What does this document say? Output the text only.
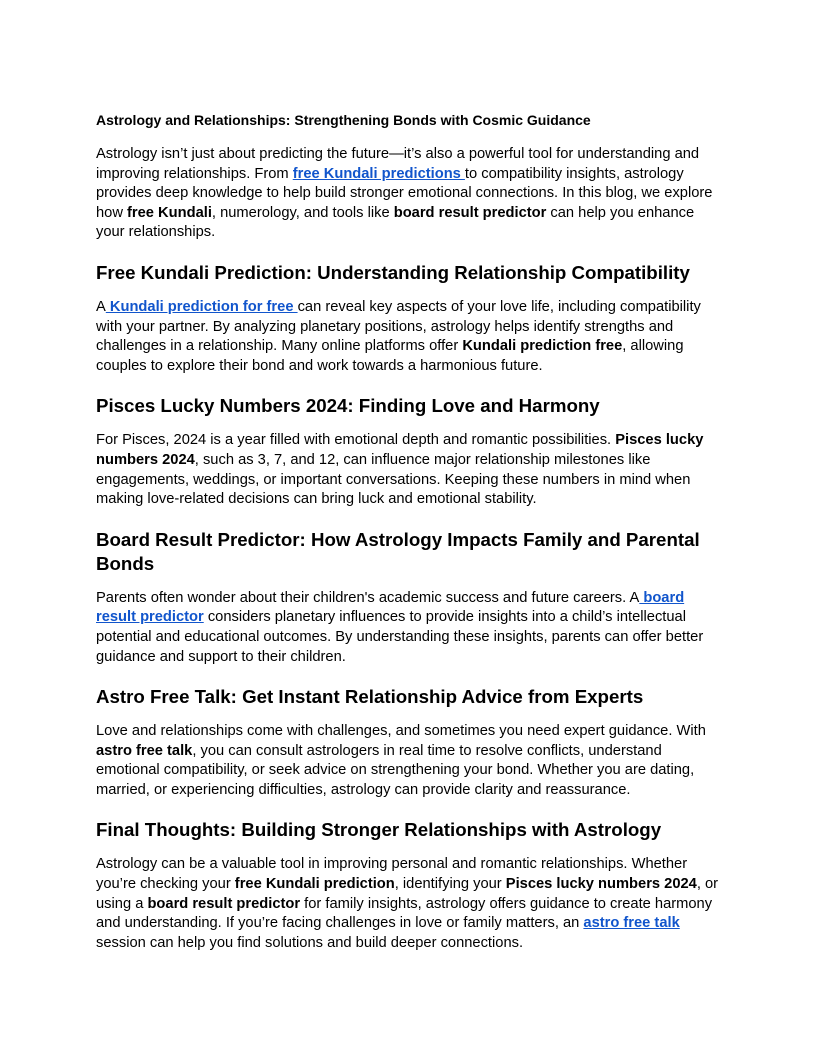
Astrology and Relationships: Strengthening Bonds with Cosmic Guidance

Astrology isn’t just about predicting the future—it’s also a powerful tool for understanding and improving relationships. From free Kundali predictions to compatibility insights, astrology provides deep knowledge to help build stronger emotional connections. In this blog, we explore how free Kundali, numerology, and tools like board result predictor can help you enhance your relationships.

Free Kundali Prediction: Understanding Relationship Compatibility

A Kundali prediction for free can reveal key aspects of your love life, including compatibility with your partner. By analyzing planetary positions, astrology helps identify strengths and challenges in a relationship. Many online platforms offer Kundali prediction free, allowing couples to explore their bond and work towards a harmonious future.

Pisces Lucky Numbers 2024: Finding Love and Harmony

For Pisces, 2024 is a year filled with emotional depth and romantic possibilities. Pisces lucky numbers 2024, such as 3, 7, and 12, can influence major relationship milestones like engagements, weddings, or important conversations. Keeping these numbers in mind when making love-related decisions can bring luck and emotional stability.

Board Result Predictor: How Astrology Impacts Family and Parental Bonds

Parents often wonder about their children's academic success and future careers. A board result predictor considers planetary influences to provide insights into a child’s intellectual potential and educational outcomes. By understanding these insights, parents can offer better guidance and support to their children.

Astro Free Talk: Get Instant Relationship Advice from Experts

Love and relationships come with challenges, and sometimes you need expert guidance. With astro free talk, you can consult astrologers in real time to resolve conflicts, understand emotional compatibility, or seek advice on strengthening your bond. Whether you are dating, married, or experiencing difficulties, astrology can provide clarity and reassurance.

Final Thoughts: Building Stronger Relationships with Astrology

Astrology can be a valuable tool in improving personal and romantic relationships. Whether you’re checking your free Kundali prediction, identifying your Pisces lucky numbers 2024, or using a board result predictor for family insights, astrology offers guidance to create harmony and understanding. If you’re facing challenges in love or family matters, an astro free talk session can help you find solutions and build deeper connections.
